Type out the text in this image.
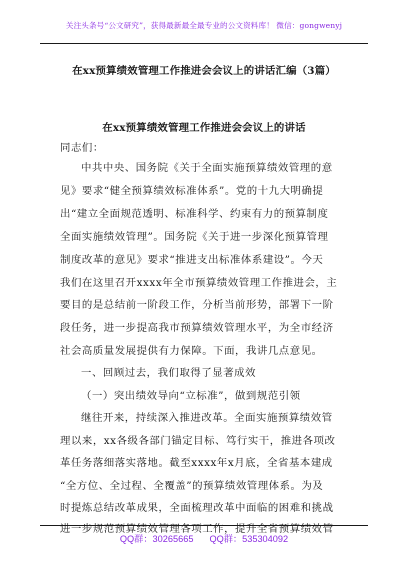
关注头条号“公文研究”，获得最新最全最专业的公文资料库！ 微信：gongwenyj
在xx预算绩效管理工作推进会会议上的讲话汇编（3篇）
在xx预算绩效管理工作推进会会议上的讲话
同志们：
中共中央、国务院《关于全面实施预算绩效管理的意
见》要求“健全预算绩效标准体系”。党的十九大明确提
出“建立全面规范透明、标准科学、约束有力的预算制度
全面实施绩效管理”。国务院《关于进一步深化预算管理
制度改革的意见》要求“推进支出标准体系建设”。今天
我们在这里召开xxxx年全市预算绩效管理工作推进会，主
要目的是总结前一阶段工作，分析当前形势，部署下一阶
段任务，进一步提高我市预算绩效管理水平，为全市经济
社会高质量发展提供有力保障。下面，我讲几点意见。
一、回顾过去，我们取得了显著成效
（一）突出绩效导向“立标准”，做到规范引领
继往开来，持续深入推进改革。全面实施预算绩效管
理以来，xx各级各部门锚定目标、笃行实干，推进各项改
革任务落细落实落地。截至xxxx年x月底，全省基本建成
“全方位、全过程、全覆盖”的预算绩效管理体系。为及
时提炼总结改革成果，全面梳理改革中面临的困难和挑战
进一步规范预算绩效管理各项工作，提升全省预算绩效管
QQ群：30265665 QQ群：535304092
